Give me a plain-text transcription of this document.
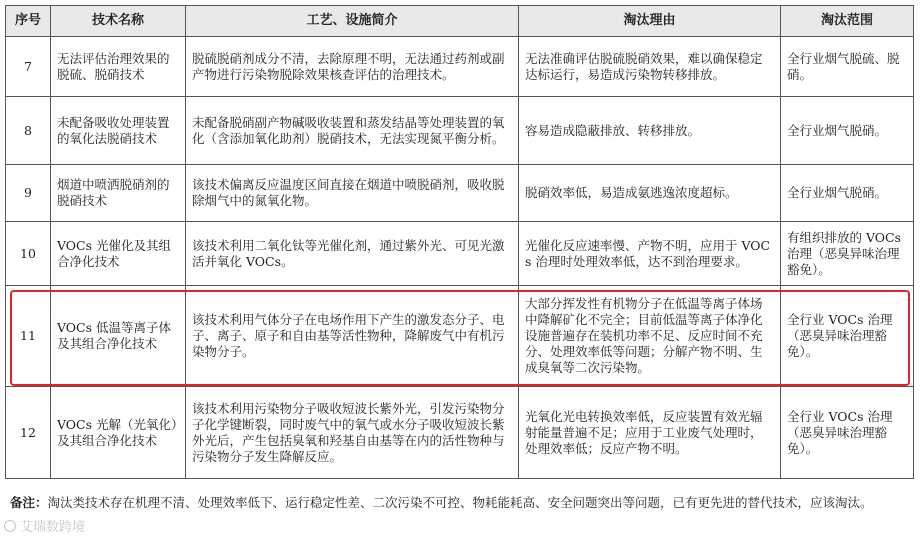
序号	技术名称	工艺、设施简介	淘汰理由	淘汰范围
7	无法评估治理效果的脱硫、脱硝技术	脱硫脱硝剂成分不清，去除原理不明，无法通过药剂或副产物进行污染物脱除效果核查评估的治理技术。	无法准确评估脱硫脱硝效果，难以确保稳定达标运行，易造成污染物转移排放。	全行业烟气脱硫、脱硝。
8	未配备吸收处理装置的氧化法脱硝技术	未配备脱硝副产物碱吸收装置和蒸发结晶等处理装置的氧化（含添加氧化助剂）脱硝技术，无法实现氮平衡分析。	容易造成隐蔽排放、转移排放。	全行业烟气脱硝。
9	烟道中喷洒脱硝剂的脱硝技术	该技术偏离反应温度区间直接在烟道中喷脱硝剂，吸收脱除烟气中的氮氧化物。	脱硝效率低，易造成氨逃逸浓度超标。	全行业烟气脱硝。
10	VOCs 光催化及其组合净化技术	该技术利用二氧化钛等光催化剂，通过紫外光、可见光激活并氧化 VOCs。	光催化反应速率慢、产物不明，应用于 VOCs 治理时处理效率低，达不到治理要求。	有组织排放的 VOCs 治理（恶臭异味治理豁免）。
11	VOCs 低温等离子体及其组合净化技术	该技术利用气体分子在电场作用下产生的激发态分子、电子、离子、原子和自由基等活性物种，降解废气中有机污染物分子。	大部分挥发性有机物分子在低温等离子体场中降解矿化不完全；目前低温等离子体净化设施普遍存在装机功率不足、反应时间不充分、处理效率低等问题；分解产物不明、生成臭氧等二次污染物。	全行业 VOCs 治理（恶臭异味治理豁免）。
12	VOCs 光解（光氧化）及其组合净化技术	该技术利用污染物分子吸收短波长紫外光，引发污染物分子化学键断裂，同时废气中的氧气或水分子吸收短波长紫外光后，产生包括臭氧和羟基自由基等在内的活性物种与污染物分子发生降解反应。	光氧化光电转换效率低，反应装置有效光辐射能量普遍不足；应用于工业废气处理时，处理效率低；反应产物不明。	全行业 VOCs 治理（恶臭异味治理豁免）。
备注：淘汰类技术存在机理不清、处理效率低下、运行稳定性差、二次污染不可控、物耗能耗高、安全问题突出等问题，已有更先进的替代技术，应该淘汰。
艾瑞数跨境
